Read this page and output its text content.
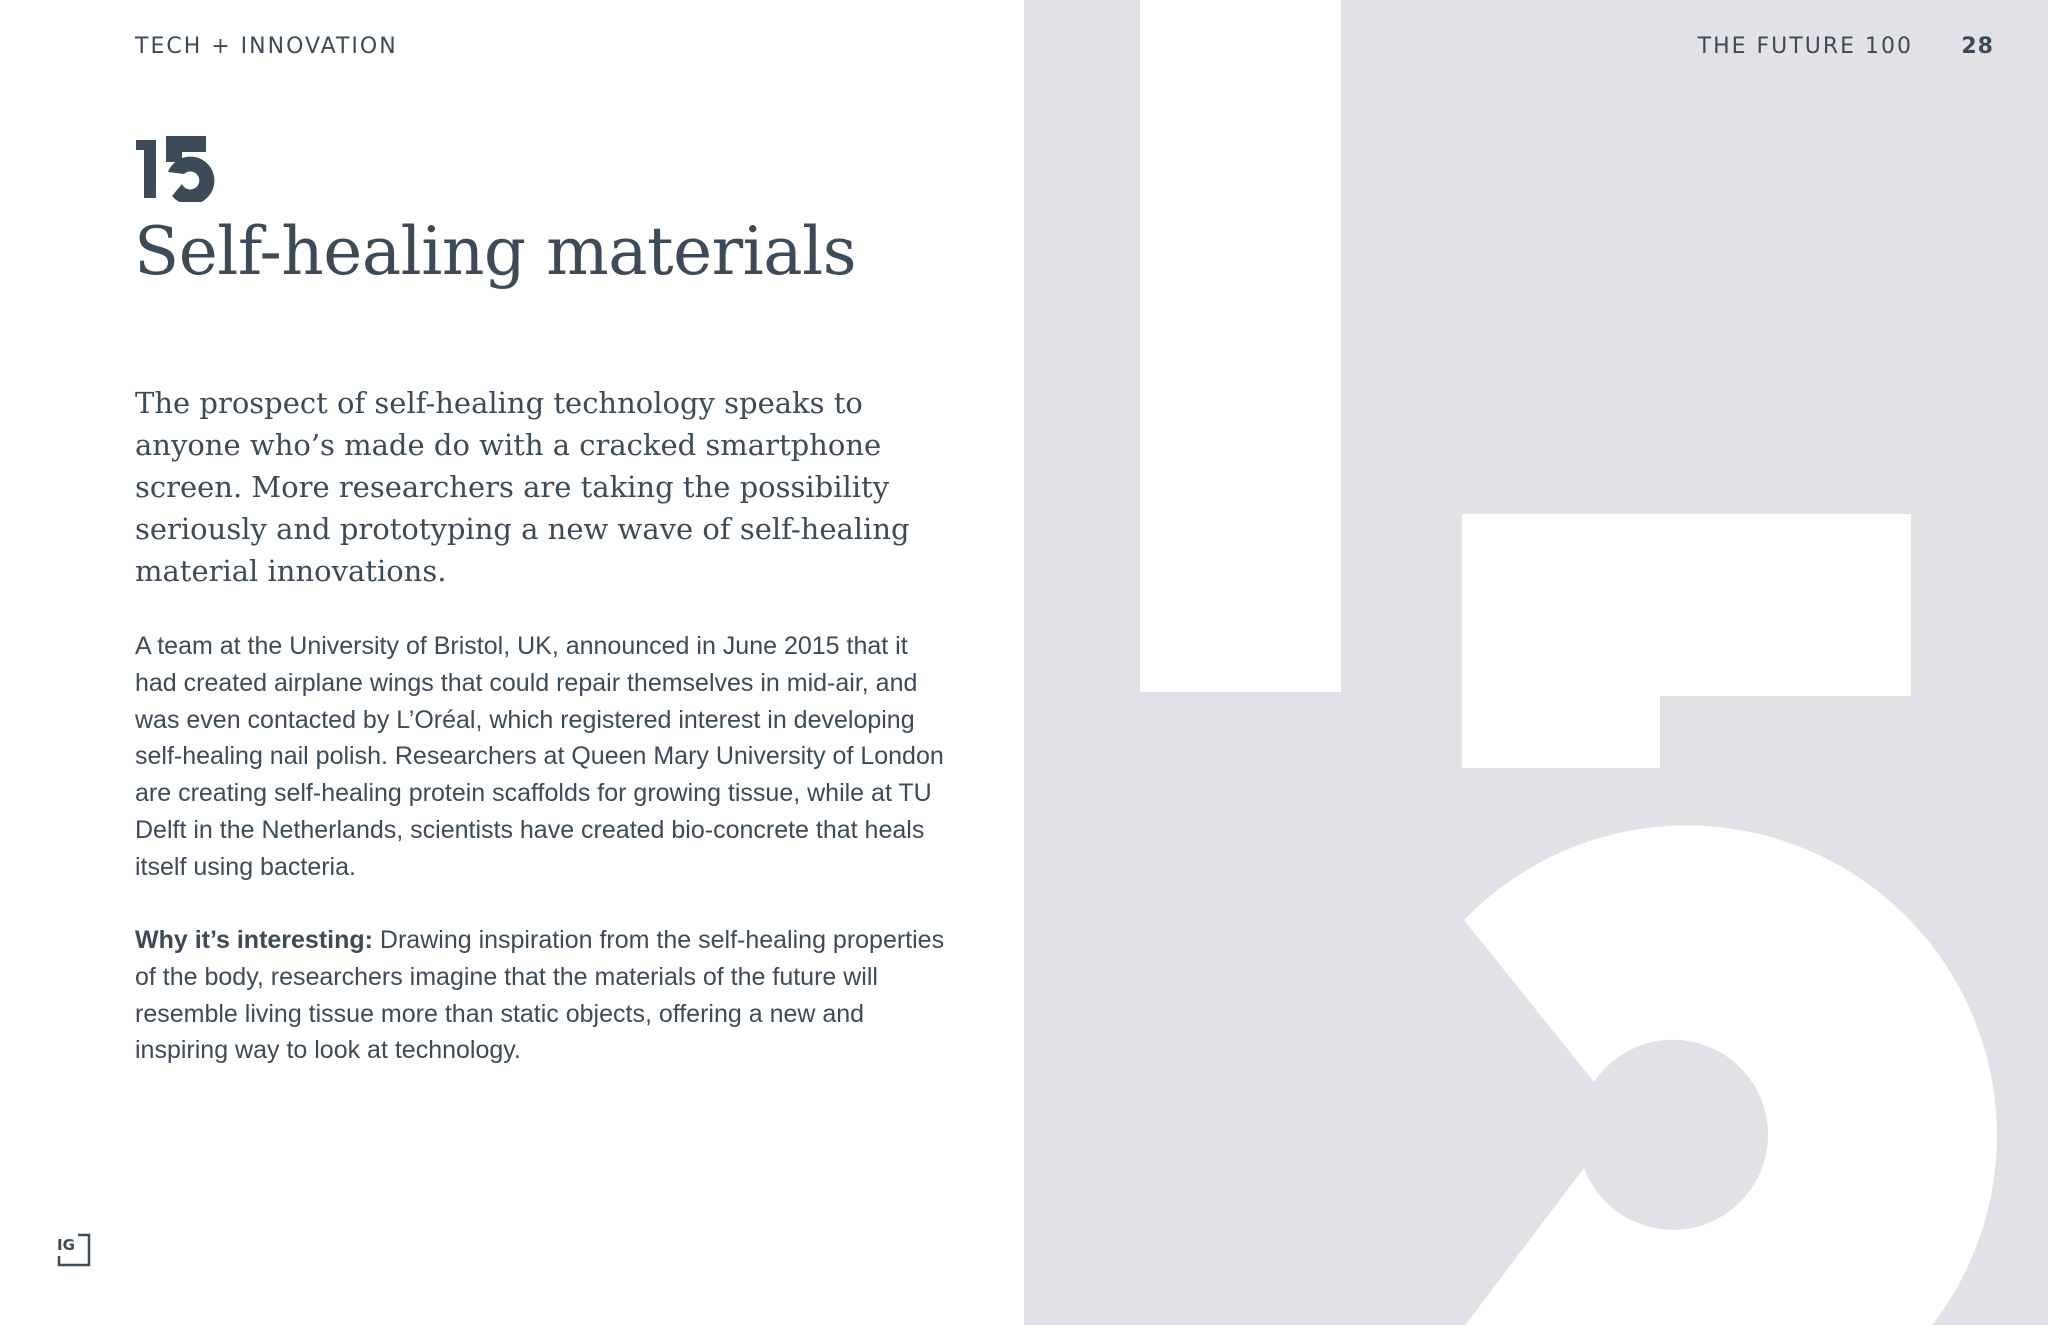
TECH + INNOVATION	THE FUTURE 100 28
15
Self-healing materials
The prospect of self-healing technology speaks to
anyone who’s made do with a cracked smartphone
screen. More researchers are taking the possibility
seriously and prototyping a new wave of self-healing
material innovations.
A team at the University of Bristol, UK, announced in June 2015 that it
had created airplane wings that could repair themselves in mid-air, and
was even contacted by L’Oréal, which registered interest in developing
self-healing nail polish. Researchers at Queen Mary University of London
are creating self-healing protein scaffolds for growing tissue, while at TU
Delft in the Netherlands, scientists have created bio-concrete that heals
itself using bacteria.
Why it’s interesting: Drawing inspiration from the self-healing properties
of the body, researchers imagine that the materials of the future will
resemble living tissue more than static objects, offering a new and
inspiring way to look at technology.
IG
